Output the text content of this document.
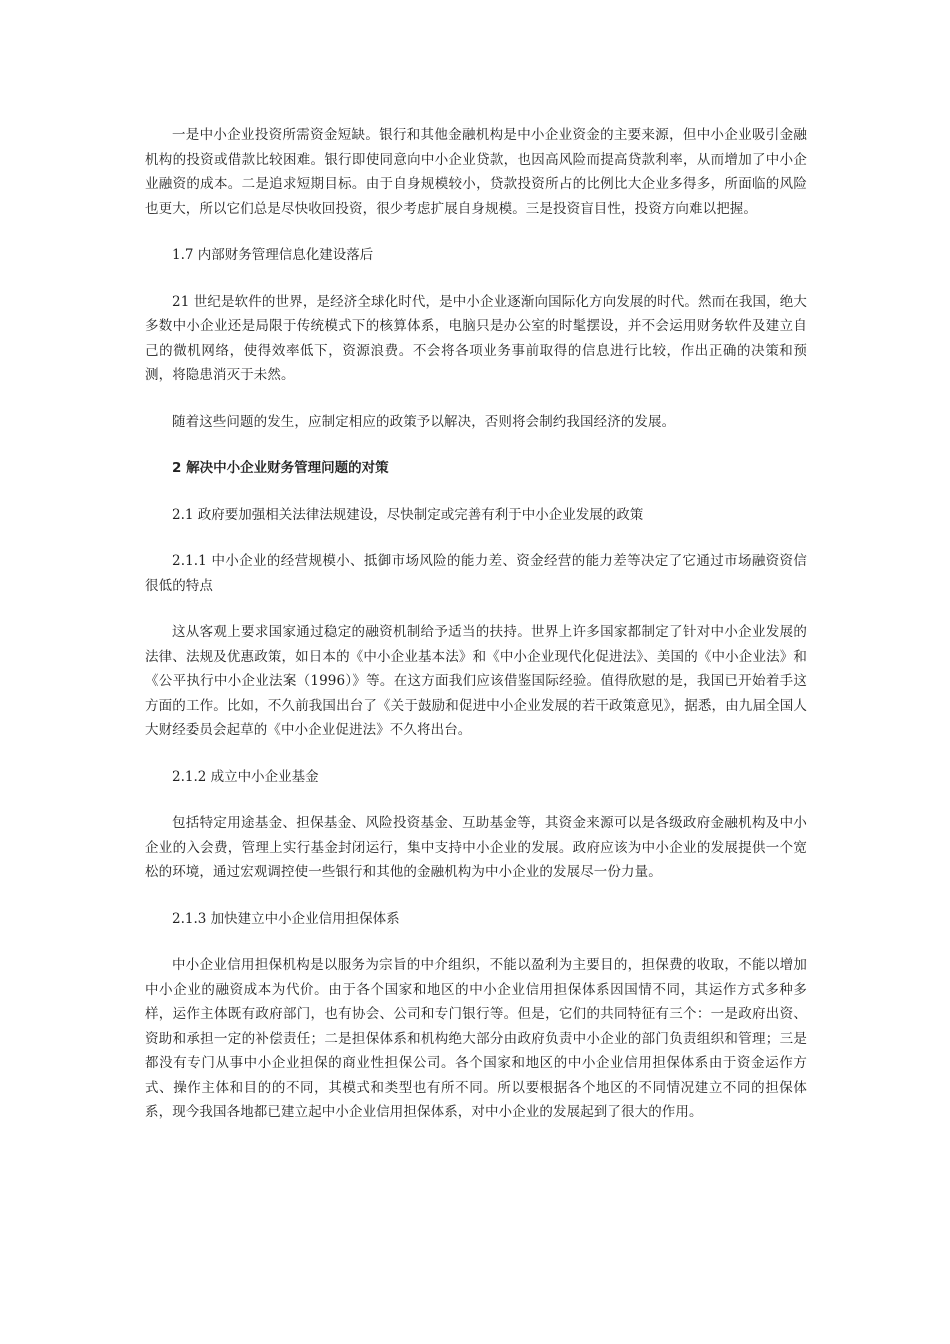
一是中小企业投资所需资金短缺。银行和其他金融机构是中小企业资金的主要来源，但中小企业吸引金融机构的投资或借款比较困难。银行即使同意向中小企业贷款，也因高风险而提高贷款利率，从而增加了中小企业融资的成本。二是追求短期目标。由于自身规模较小，贷款投资所占的比例比大企业多得多，所面临的风险也更大，所以它们总是尽快收回投资，很少考虑扩展自身规模。三是投资盲目性，投资方向难以把握。

1.7 内部财务管理信息化建设落后

21 世纪是软件的世界，是经济全球化时代，是中小企业逐渐向国际化方向发展的时代。然而在我国，绝大多数中小企业还是局限于传统模式下的核算体系，电脑只是办公室的时髦摆设，并不会运用财务软件及建立自己的微机网络，使得效率低下，资源浪费。不会将各项业务事前取得的信息进行比较，作出正确的决策和预测，将隐患消灭于未然。

随着这些问题的发生，应制定相应的政策予以解决，否则将会制约我国经济的发展。

2 解决中小企业财务管理问题的对策

2.1 政府要加强相关法律法规建设，尽快制定或完善有利于中小企业发展的政策

2.1.1 中小企业的经营规模小、抵御市场风险的能力差、资金经营的能力差等决定了它通过市场融资资信很低的特点

这从客观上要求国家通过稳定的融资机制给予适当的扶持。世界上许多国家都制定了针对中小企业发展的法律、法规及优惠政策，如日本的《中小企业基本法》和《中小企业现代化促进法》、美国的《中小企业法》和《公平执行中小企业法案（1996）》等。在这方面我们应该借鉴国际经验。值得欣慰的是，我国已开始着手这方面的工作。比如，不久前我国出台了《关于鼓励和促进中小企业发展的若干政策意见》，据悉，由九届全国人大财经委员会起草的《中小企业促进法》不久将出台。

2.1.2 成立中小企业基金

包括特定用途基金、担保基金、风险投资基金、互助基金等，其资金来源可以是各级政府金融机构及中小企业的入会费，管理上实行基金封闭运行，集中支持中小企业的发展。政府应该为中小企业的发展提供一个宽松的环境，通过宏观调控使一些银行和其他的金融机构为中小企业的发展尽一份力量。

2.1.3 加快建立中小企业信用担保体系

中小企业信用担保机构是以服务为宗旨的中介组织，不能以盈利为主要目的，担保费的收取，不能以增加中小企业的融资成本为代价。由于各个国家和地区的中小企业信用担保体系因国情不同，其运作方式多种多样，运作主体既有政府部门，也有协会、公司和专门银行等。但是，它们的共同特征有三个：一是政府出资、资助和承担一定的补偿责任；二是担保体系和机构绝大部分由政府负责中小企业的部门负责组织和管理；三是都没有专门从事中小企业担保的商业性担保公司。各个国家和地区的中小企业信用担保体系由于资金运作方式、操作主体和目的的不同，其模式和类型也有所不同。所以要根据各个地区的不同情况建立不同的担保体系，现今我国各地都已建立起中小企业信用担保体系，对中小企业的发展起到了很大的作用。
